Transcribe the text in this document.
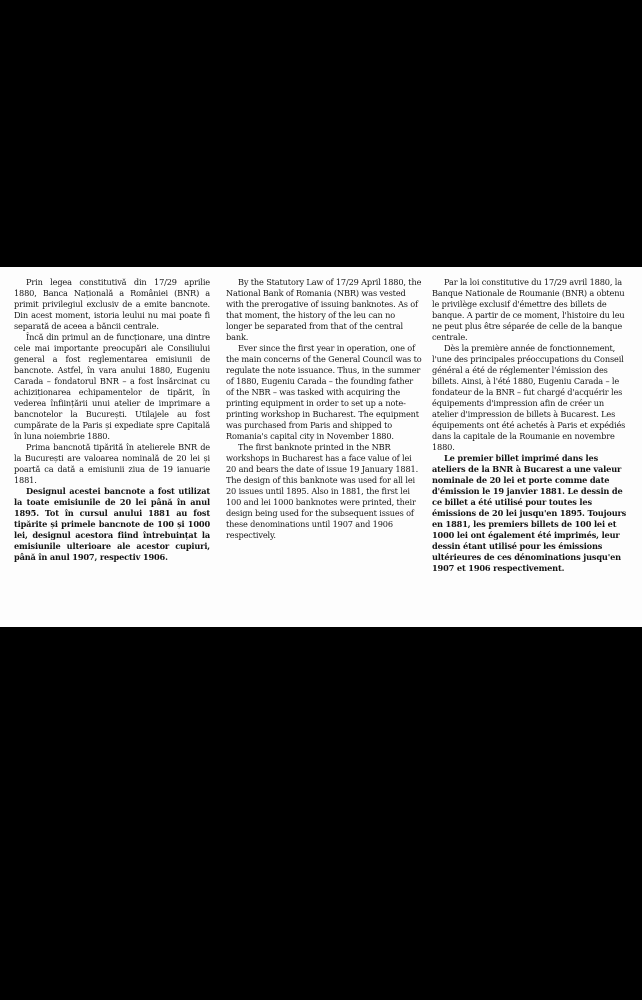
Prin legea constitutivă din 17/29 aprilie 1880, Banca Națională a României (BNR) a primit privilegiul exclusiv de a emite bancnote. Din acest moment, istoria leului nu mai poate fi separată de aceea a băncii centrale.

Încă din primul an de funcționare, una dintre cele mai importante preocupări ale Consiliului general a fost reglementarea emisiunii de bancnote. Astfel, în vara anului 1880, Eugeniu Carada – fondatorul BNR – a fost însărcinat cu achiziționarea echipamentelor de tipărit, în vederea înființării unui atelier de imprimare a bancnotelor la București. Utilajele au fost cumpărate de la Paris și expediate spre Capitală în luna noiembrie 1880.

Prima bancnotă tipărită în atelierele BNR de la București are valoarea nominală de 20 lei și poartă ca dată a emisiunii ziua de 19 ianuarie 1881.

Designul acestei bancnote a fost utilizat la toate emisiunile de 20 lei până în anul 1895. Tot în cursul anului 1881 au fost tipărite și primele bancnote de 100 și 1000 lei, designul acestora fiind întrebuințat la emisiunile ulterioare ale acestor cupiuri, până în anul 1907, respectiv 1906.

By the Statutory Law of 17/29 April 1880, the National Bank of Romania (NBR) was vested with the prerogative of issuing banknotes. As of that moment, the history of the leu can no longer be separated from that of the central bank.

Ever since the first year in operation, one of the main concerns of the General Council was to regulate the note issuance. Thus, in the summer of 1880, Eugeniu Carada – the founding father of the NBR – was tasked with acquiring the printing equipment in order to set up a note-printing workshop in Bucharest. The equipment was purchased from Paris and shipped to Romania's capital city in November 1880.

The first banknote printed in the NBR workshops in Bucharest has a face value of lei 20 and bears the date of issue 19 January 1881. The design of this banknote was used for all lei 20 issues until 1895. Also in 1881, the first lei 100 and lei 1000 banknotes were printed, their design being used for the subsequent issues of these denominations until 1907 and 1906 respectively.

Par la loi constitutive du 17/29 avril 1880, la Banque Nationale de Roumanie (BNR) a obtenu le privilège exclusif d'émettre des billets de banque. A partir de ce moment, l'histoire du leu ne peut plus être séparée de celle de la banque centrale.

Dès la première année de fonctionnement, l'une des principales préoccupations du Conseil général a été de réglementer l'émission des billets. Ainsi, à l'été 1880, Eugeniu Carada – le fondateur de la BNR – fut chargé d'acquérir les équipements d'impression afin de créer un atelier d'impression de billets à Bucarest. Les équipements ont été achetés à Paris et expédiés dans la capitale de la Roumanie en novembre 1880.

Le premier billet imprimé dans les ateliers de la BNR à Bucarest a une valeur nominale de 20 lei et porte comme date d'émission le 19 janvier 1881. Le dessin de ce billet a été utilisé pour toutes les émissions de 20 lei jusqu'en 1895. Toujours en 1881, les premiers billets de 100 lei et 1000 lei ont également été imprimés, leur dessin étant utilisé pour les émissions ultérieures de ces dénominations jusqu'en 1907 et 1906 respectivement.
